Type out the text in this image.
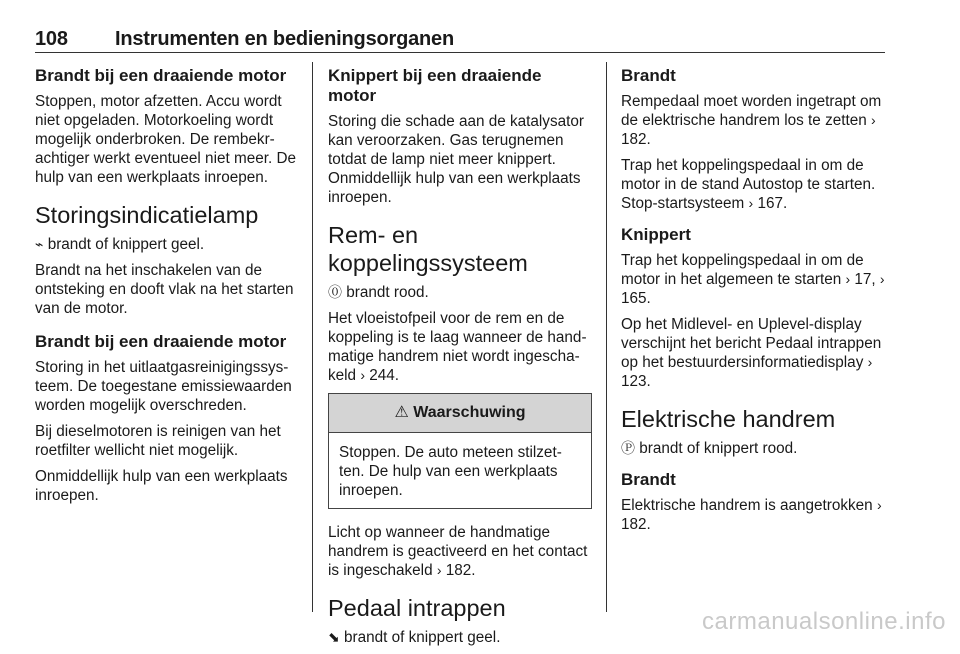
108 Instrumenten en bedieningsorganen
Brandt bij een draaiende motor
Stoppen, motor afzetten. Accu wordt niet opgeladen. Motorkoeling wordt mogelijk onderbroken. De rembekrachtiger werkt eventueel niet meer. De hulp van een werkplaats inroepen.
Storingsindicatielamp
⌁ brandt of knippert geel.
Brandt na het inschakelen van de ontsteking en dooft vlak na het starten van de motor.
Brandt bij een draaiende motor
Storing in het uitlaatgasreinigingssysteem. De toegestane emissiewaarden worden mogelijk overschreden.
Bij dieselmotoren is reinigen van het roetfilter wellicht niet mogelijk.
Onmiddellijk hulp van een werkplaats inroepen.
Knippert bij een draaiende motor
Storing die schade aan de katalysator kan veroorzaken. Gas terugnemen totdat de lamp niet meer knippert. Onmiddellijk hulp van een werkplaats inroepen.
Rem- en koppelingssysteem
⓪ brandt rood.
Het vloeistofpeil voor de rem en de koppeling is te laag wanneer de handmatige handrem niet wordt ingeschakeld › 244.
⚠ Waarschuwing
Stoppen. De auto meteen stilzetten. De hulp van een werkplaats inroepen.
Licht op wanneer de handmatige handrem is geactiveerd en het contact is ingeschakeld › 182.
Pedaal intrappen
⬊ brandt of knippert geel.
Brandt
Rempedaal moet worden ingetrapt om de elektrische handrem los te zetten › 182.
Trap het koppelingspedaal in om de motor in de stand Autostop te starten. Stop-startsysteem › 167.
Knippert
Trap het koppelingspedaal in om de motor in het algemeen te starten › 17, › 165.
Op het Midlevel- en Uplevel-display verschijnt het bericht Pedaal intrappen op het bestuurdersinformatiedisplay › 123.
Elektrische handrem
Ⓟ brandt of knippert rood.
Brandt
Elektrische handrem is aangetrokken › 182.
carmanualsonline.info
